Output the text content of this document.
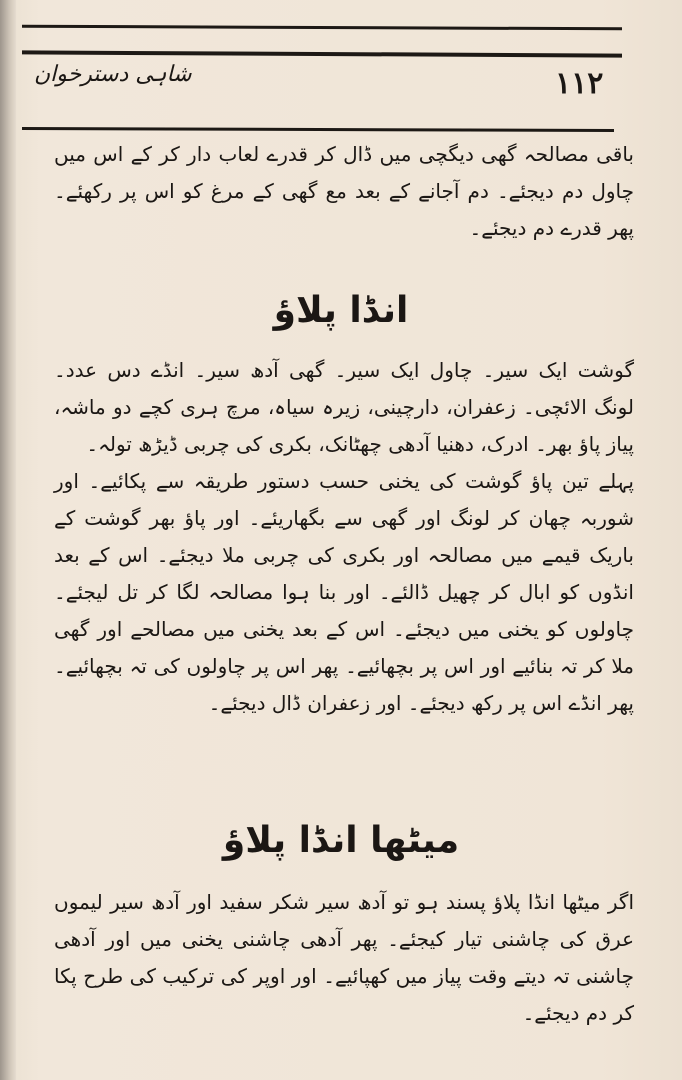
شاہی دسترخوان	۱۱۲

باقی مصالحہ گھی دیگچی میں ڈال کر قدرے لعاب دار کر کے اس میں چاول دم دیجئے۔ دم آجانے کے بعد مع گھی کے مرغ کو اس پر رکھئے۔ پھر قدرے دم دیجئے۔

انڈا پلاؤ

گوشت ایک سیر۔ چاول ایک سیر۔ گھی آدھ سیر۔ انڈے دس عدد۔ لونگ الائچی۔ زعفران، دارچینی، زیرہ سیاہ، مرچ ہری کچے دو ماشہ، پیاز پاؤ بھر۔ ادرک، دھنیا آدھی چھٹانک، بکری کی چربی ڈیڑھ تولہ۔

پہلے تین پاؤ گوشت کی یخنی حسب دستور طریقہ سے پکائیے۔ اور شوربہ چھان کر لونگ اور گھی سے بگھاریئے۔ اور پاؤ بھر گوشت کے باریک قیمے میں مصالحہ اور بکری کی چربی ملا دیجئے۔ اس کے بعد انڈوں کو ابال کر چھیل ڈالئے۔ اور بنا ہوا مصالحہ لگا کر تل لیجئے۔ چاولوں کو یخنی میں دیجئے۔ اس کے بعد یخنی میں مصالحے اور گھی ملا کر تہ بنائیے اور اس پر بچھائیے۔ پھر اس پر چاولوں کی تہ بچھائیے۔ پھر انڈے اس پر رکھ دیجئے۔ اور زعفران ڈال دیجئے۔

میٹھا انڈا پلاؤ

اگر میٹھا انڈا پلاؤ پسند ہو تو آدھ سیر شکر سفید اور آدھ سیر لیموں عرق کی چاشنی تیار کیجئے۔ پھر آدھی چاشنی یخنی میں اور آدھی چاشنی تہ دیتے وقت پیاز میں کھپائیے۔ اور اوپر کی ترکیب کی طرح پکا کر دم دیجئے۔
